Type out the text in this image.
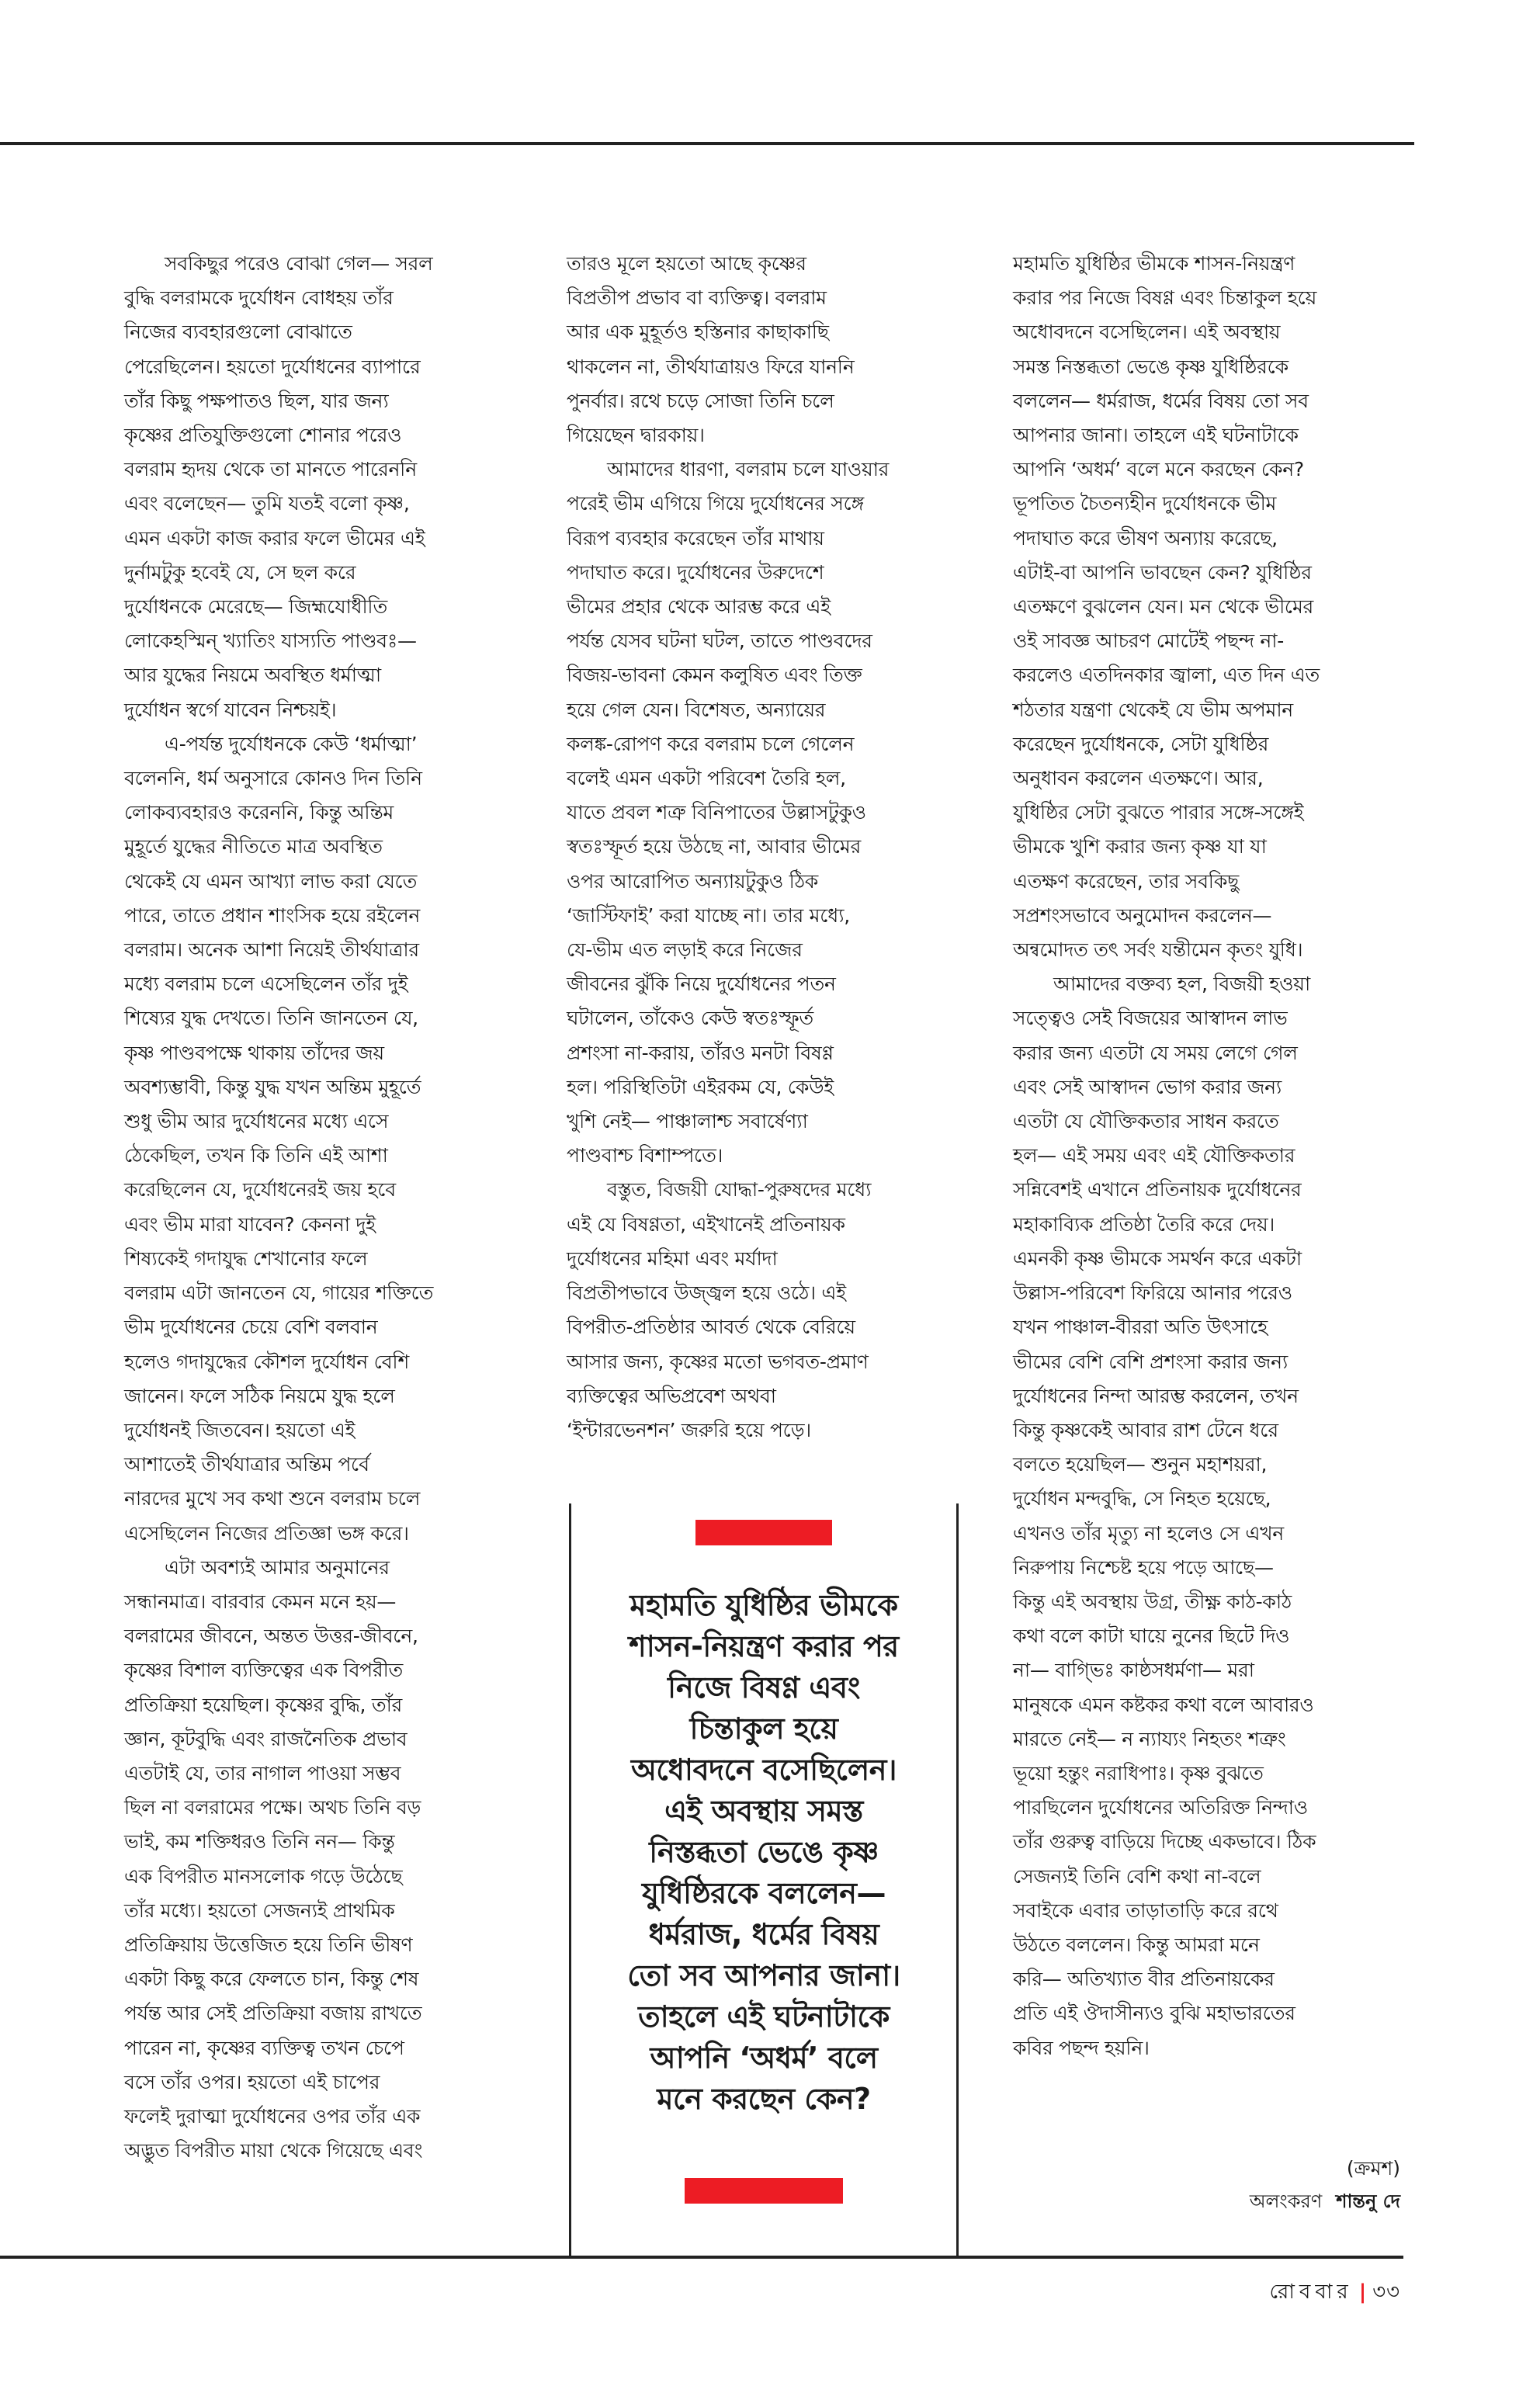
সবকিছুর পরেও বোঝা গেল— সরল
বুদ্ধি বলরামকে দুর্যোধন বোধহয় তাঁর
নিজের ব্যবহারগুলো বোঝাতে
পেরেছিলেন। হয়তো দুর্যোধনের ব্যাপারে
তাঁর কিছু পক্ষপাতও ছিল, যার জন্য
কৃষ্ণের প্রতিযুক্তিগুলো শোনার পরেও
বলরাম হৃদয় থেকে তা মানতে পারেননি
এবং বলেছেন— তুমি যতই বলো কৃষ্ণ,
এমন একটা কাজ করার ফলে ভীমের এই
দুর্নামটুকু হবেই যে, সে ছল করে
দুর্যোধনকে মেরেছে— জিহ্মযোধীতি
লোকেহস্মিন্ খ্যাতিং যাস্যতি পাণ্ডবঃ—
আর যুদ্ধের নিয়মে অবস্থিত ধর্মাত্মা
দুর্যোধন স্বর্গে যাবেন নিশ্চয়ই।
এ-পর্যন্ত দুর্যোধনকে কেউ ‘ধর্মাত্মা’
বলেননি, ধর্ম অনুসারে কোনও দিন তিনি
লোকব্যবহারও করেননি, কিন্তু অন্তিম
মুহূর্তে যুদ্ধের নীতিতে মাত্র অবস্থিত
থেকেই যে এমন আখ্যা লাভ করা যেতে
পারে, তাতে প্রধান শাংসিক হয়ে রইলেন
বলরাম। অনেক আশা নিয়েই তীর্থযাত্রার
মধ্যে বলরাম চলে এসেছিলেন তাঁর দুই
শিষ্যের যুদ্ধ দেখতে। তিনি জানতেন যে,
কৃষ্ণ পাণ্ডবপক্ষে থাকায় তাঁদের জয়
অবশ্যম্ভাবী, কিন্তু যুদ্ধ যখন অন্তিম মুহূর্তে
শুধু ভীম আর দুর্যোধনের মধ্যে এসে
ঠেকেছিল, তখন কি তিনি এই আশা
করেছিলেন যে, দুর্যোধনেরই জয় হবে
এবং ভীম মারা যাবেন? কেননা দুই
শিষ্যকেই গদাযুদ্ধ শেখানোর ফলে
বলরাম এটা জানতেন যে, গায়ের শক্তিতে
ভীম দুর্যোধনের চেয়ে বেশি বলবান
হলেও গদাযুদ্ধের কৌশল দুর্যোধন বেশি
জানেন। ফলে সঠিক নিয়মে যুদ্ধ হলে
দুর্যোধনই জিতবেন। হয়তো এই
আশাতেই তীর্থযাত্রার অন্তিম পর্বে
নারদের মুখে সব কথা শুনে বলরাম চলে
এসেছিলেন নিজের প্রতিজ্ঞা ভঙ্গ করে।
এটা অবশ্যই আমার অনুমানের
সন্ধানমাত্র। বারবার কেমন মনে হয়—
বলরামের জীবনে, অন্তত উত্তর-জীবনে,
কৃষ্ণের বিশাল ব্যক্তিত্বের এক বিপরীত
প্রতিক্রিয়া হয়েছিল। কৃষ্ণের বুদ্ধি, তাঁর
জ্ঞান, কূটবুদ্ধি এবং রাজনৈতিক প্রভাব
এতটাই যে, তার নাগাল পাওয়া সম্ভব
ছিল না বলরামের পক্ষে। অথচ তিনি বড়
ভাই, কম শক্তিধরও তিনি নন— কিন্তু
এক বিপরীত মানসলোক গড়ে উঠেছে
তাঁর মধ্যে। হয়তো সেজন্যই প্রাথমিক
প্রতিক্রিয়ায় উত্তেজিত হয়ে তিনি ভীষণ
একটা কিছু করে ফেলতে চান, কিন্তু শেষ
পর্যন্ত আর সেই প্রতিক্রিয়া বজায় রাখতে
পারেন না, কৃষ্ণের ব্যক্তিত্ব তখন চেপে
বসে তাঁর ওপর। হয়তো এই চাপের
ফলেই দুরাত্মা দুর্যোধনের ওপর তাঁর এক
অদ্ভুত বিপরীত মায়া থেকে গিয়েছে এবং
তারও মূলে হয়তো আছে কৃষ্ণের
বিপ্রতীপ প্রভাব বা ব্যক্তিত্ব। বলরাম
আর এক মুহূর্তও হস্তিনার কাছাকাছি
থাকলেন না, তীর্থযাত্রায়ও ফিরে যাননি
পুনর্বার। রথে চড়ে সোজা তিনি চলে
গিয়েছেন দ্বারকায়।
আমাদের ধারণা, বলরাম চলে যাওয়ার
পরেই ভীম এগিয়ে গিয়ে দুর্যোধনের সঙ্গে
বিরূপ ব্যবহার করেছেন তাঁর মাথায়
পদাঘাত করে। দুর্যোধনের উরুদেশে
ভীমের প্রহার থেকে আরম্ভ করে এই
পর্যন্ত যেসব ঘটনা ঘটল, তাতে পাণ্ডবদের
বিজয়-ভাবনা কেমন কলুষিত এবং তিক্ত
হয়ে গেল যেন। বিশেষত, অন্যায়ের
কলঙ্ক-রোপণ করে বলরাম চলে গেলেন
বলেই এমন একটা পরিবেশ তৈরি হল,
যাতে প্রবল শত্রু বিনিপাতের উল্লাসটুকুও
স্বতঃস্ফূর্ত হয়ে উঠছে না, আবার ভীমের
ওপর আরোপিত অন্যায়টুকুও ঠিক
‘জাস্টিফাই’ করা যাচ্ছে না। তার মধ্যে,
যে-ভীম এত লড়াই করে নিজের
জীবনের ঝুঁকি নিয়ে দুর্যোধনের পতন
ঘটালেন, তাঁকেও কেউ স্বতঃস্ফূর্ত
প্রশংসা না-করায়, তাঁরও মনটা বিষণ্ণ
হল। পরিস্থিতিটা এইরকম যে, কেউই
খুশি নেই— পাঞ্চালাশ্চ সবার্ষেণ্যা
পাণ্ডবাশ্চ বিশাম্পতে।
বস্তুত, বিজয়ী যোদ্ধা-পুরুষদের মধ্যে
এই যে বিষণ্ণতা, এইখানেই প্রতিনায়ক
দুর্যোধনের মহিমা এবং মর্যাদা
বিপ্রতীপভাবে উজ্জ্বল হয়ে ওঠে। এই
বিপরীত-প্রতিষ্ঠার আবর্ত থেকে বেরিয়ে
আসার জন্য, কৃষ্ণের মতো ভগবত-প্রমাণ
ব্যক্তিত্বের অভিপ্রবেশ অথবা
‘ইন্টারভেনশন’ জরুরি হয়ে পড়ে।
মহামতি যুধিষ্ঠির ভীমকে শাসন-নিয়ন্ত্রণ
করার পর নিজে বিষণ্ণ এবং চিন্তাকুল হয়ে
অধোবদনে বসেছিলেন। এই অবস্থায়
সমস্ত নিস্তব্ধতা ভেঙে কৃষ্ণ যুধিষ্ঠিরকে
বললেন— ধর্মরাজ, ধর্মের বিষয় তো সব
আপনার জানা। তাহলে এই ঘটনাটাকে
আপনি ‘অধর্ম’ বলে মনে করছেন কেন?
ভূপতিত চৈতন্যহীন দুর্যোধনকে ভীম
পদাঘাত করে ভীষণ অন্যায় করেছে,
এটাই-বা আপনি ভাবছেন কেন? যুধিষ্ঠির
এতক্ষণে বুঝলেন যেন। মন থেকে ভীমের
ওই সাবজ্ঞ আচরণ মোটেই পছন্দ না-
করলেও এতদিনকার জ্বালা, এত দিন এত
শঠতার যন্ত্রণা থেকেই যে ভীম অপমান
করেছেন দুর্যোধনকে, সেটা যুধিষ্ঠির
অনুধাবন করলেন এতক্ষণে। আর,
যুধিষ্ঠির সেটা বুঝতে পারার সঙ্গে-সঙ্গেই
ভীমকে খুশি করার জন্য কৃষ্ণ যা যা
এতক্ষণ করেছেন, তার সবকিছু
সপ্রশংসভাবে অনুমোদন করলেন—
অন্বমোদত তৎ সর্বং যন্তীমেন কৃতং যুধি।
আমাদের বক্তব্য হল, বিজয়ী হওয়া
সত্ত্বেও সেই বিজয়ের আস্বাদন লাভ
করার জন্য এতটা যে সময় লেগে গেল
এবং সেই আস্বাদন ভোগ করার জন্য
এতটা যে যৌক্তিকতার সাধন করতে
হল— এই সময় এবং এই যৌক্তিকতার
সন্নিবেশই এখানে প্রতিনায়ক দুর্যোধনের
মহাকাব্যিক প্রতিষ্ঠা তৈরি করে দেয়।
এমনকী কৃষ্ণ ভীমকে সমর্থন করে একটা
উল্লাস-পরিবেশ ফিরিয়ে আনার পরেও
যখন পাঞ্চাল-বীররা অতি উৎসাহে
ভীমের বেশি বেশি প্রশংসা করার জন্য
দুর্যোধনের নিন্দা আরম্ভ করলেন, তখন
কিন্তু কৃষ্ণকেই আবার রাশ টেনে ধরে
বলতে হয়েছিল— শুনুন মহাশয়রা,
দুর্যোধন মন্দবুদ্ধি, সে নিহত হয়েছে,
এখনও তাঁর মৃত্যু না হলেও সে এখন
নিরুপায় নিশ্চেষ্ট হয়ে পড়ে আছে—
কিন্তু এই অবস্থায় উগ্র, তীক্ষ্ণ কাঠ-কাঠ
কথা বলে কাটা ঘায়ে নুনের ছিটে দিও
না— বাগ্ভিঃ কাষ্ঠসধর্মণা— মরা
মানুষকে এমন কষ্টকর কথা বলে আবারও
মারতে নেই— ন ন্যায্যং নিহতং শত্রুং
ভূয়ো হন্তুং নরাধিপাঃ। কৃষ্ণ বুঝতে
পারছিলেন দুর্যোধনের অতিরিক্ত নিন্দাও
তাঁর গুরুত্ব বাড়িয়ে দিচ্ছে একভাবে। ঠিক
সেজন্যই তিনি বেশি কথা না-বলে
সবাইকে এবার তাড়াতাড়ি করে রথে
উঠতে বললেন। কিন্তু আমরা মনে
করি— অতিখ্যাত বীর প্রতিনায়কের
প্রতি এই ঔদাসীন্যও বুঝি মহাভারতের
কবির পছন্দ হয়নি।
মহামতি যুধিষ্ঠির ভীমকে
শাসন-নিয়ন্ত্রণ করার পর
নিজে বিষণ্ণ এবং
চিন্তাকুল হয়ে
অধোবদনে বসেছিলেন।
এই অবস্থায় সমস্ত
নিস্তব্ধতা ভেঙে কৃষ্ণ
যুধিষ্ঠিরকে বললেন—
ধর্মরাজ, ধর্মের বিষয়
তো সব আপনার জানা।
তাহলে এই ঘটনাটাকে
আপনি ‘অধর্ম’ বলে
মনে করছেন কেন?
(ক্রমশ)
অলংকরণ শান্তনু দে
রোববার | ৩৩
